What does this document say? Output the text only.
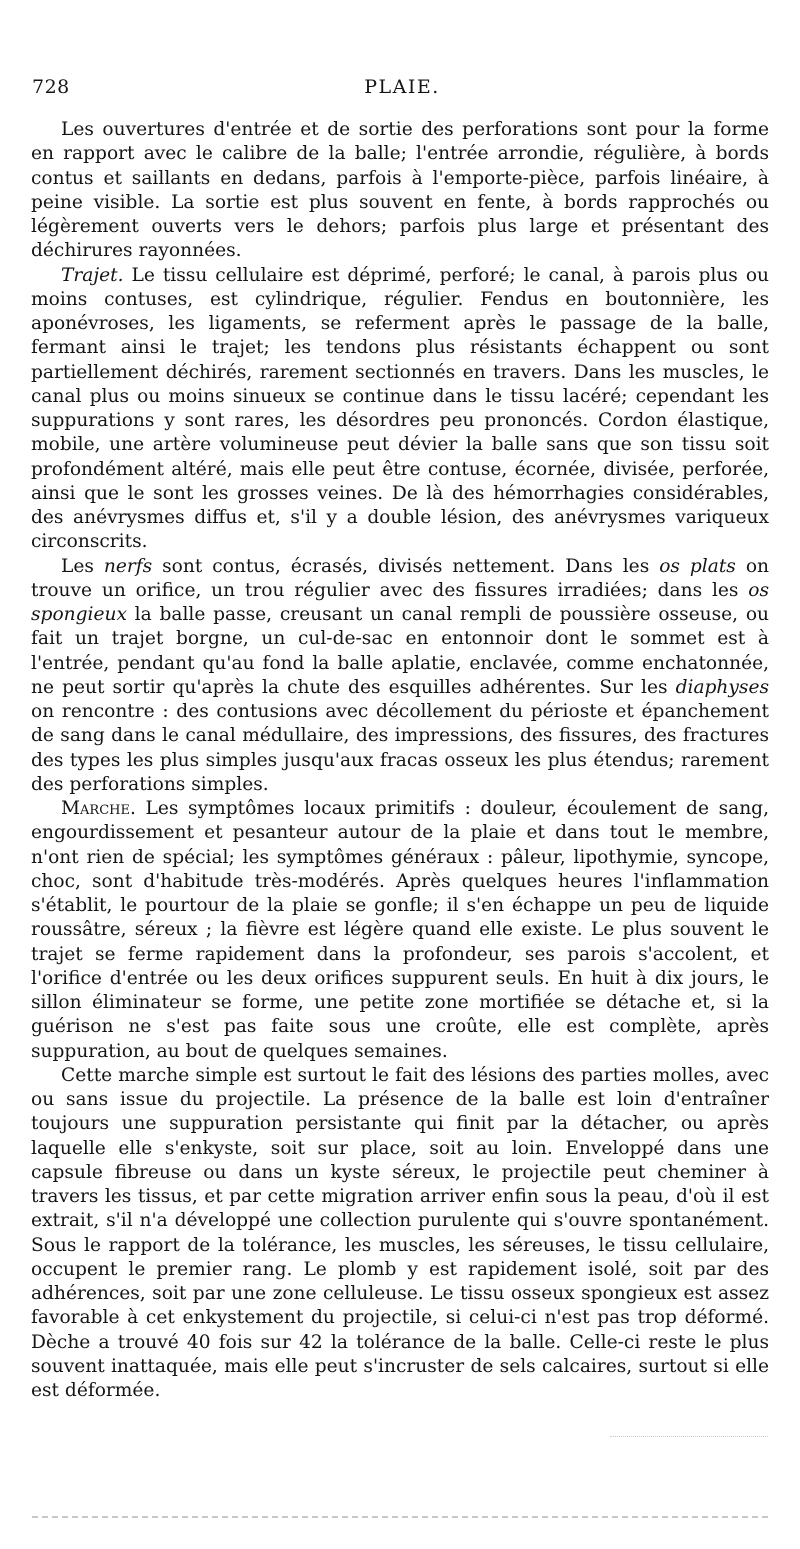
728	PLAIE.

Les ouvertures d'entrée et de sortie des perforations sont pour la forme en rapport avec le calibre de la balle; l'entrée arrondie, régulière, à bords contus et saillants en dedans, parfois à l'emporte-pièce, parfois linéaire, à peine visible. La sortie est plus souvent en fente, à bords rapprochés ou légèrement ouverts vers le dehors; parfois plus large et présentant des déchirures rayonnées.

Trajet. Le tissu cellulaire est déprimé, perforé; le canal, à parois plus ou moins contuses, est cylindrique, régulier. Fendus en boutonnière, les aponévroses, les ligaments, se referment après le passage de la balle, fermant ainsi le trajet; les tendons plus résistants échappent ou sont partiellement déchirés, rarement sectionnés en travers. Dans les muscles, le canal plus ou moins sinueux se continue dans le tissu lacéré; cependant les suppurations y sont rares, les désordres peu prononcés. Cordon élastique, mobile, une artère volumineuse peut dévier la balle sans que son tissu soit profondément altéré, mais elle peut être contuse, écornée, divisée, perforée, ainsi que le sont les grosses veines. De là des hémorrhagies considérables, des anévrysmes diffus et, s'il y a double lésion, des anévrysmes variqueux circonscrits.

Les nerfs sont contus, écrasés, divisés nettement. Dans les os plats on trouve un orifice, un trou régulier avec des fissures irradiées; dans les os spongieux la balle passe, creusant un canal rempli de poussière osseuse, ou fait un trajet borgne, un cul-de-sac en entonnoir dont le sommet est à l'entrée, pendant qu'au fond la balle aplatie, enclavée, comme enchatonnée, ne peut sortir qu'après la chute des esquilles adhérentes. Sur les diaphyses on rencontre : des contusions avec décollement du périoste et épanchement de sang dans le canal médullaire, des impressions, des fissures, des fractures des types les plus simples jusqu'aux fracas osseux les plus étendus; rarement des perforations simples.

Marche. Les symptômes locaux primitifs : douleur, écoulement de sang, engourdissement et pesanteur autour de la plaie et dans tout le membre, n'ont rien de spécial; les symptômes généraux : pâleur, lipothymie, syncope, choc, sont d'habitude très-modérés. Après quelques heures l'inflammation s'établit, le pourtour de la plaie se gonfle; il s'en échappe un peu de liquide roussâtre, séreux ; la fièvre est légère quand elle existe. Le plus souvent le trajet se ferme rapidement dans la profondeur, ses parois s'accolent, et l'orifice d'entrée ou les deux orifices suppurent seuls. En huit à dix jours, le sillon éliminateur se forme, une petite zone mortifiée se détache et, si la guérison ne s'est pas faite sous une croûte, elle est complète, après suppuration, au bout de quelques semaines.

Cette marche simple est surtout le fait des lésions des parties molles, avec ou sans issue du projectile. La présence de la balle est loin d'entraîner toujours une suppuration persistante qui finit par la détacher, ou après laquelle elle s'enkyste, soit sur place, soit au loin. Enveloppé dans une capsule fibreuse ou dans un kyste séreux, le projectile peut cheminer à travers les tissus, et par cette migration arriver enfin sous la peau, d'où il est extrait, s'il n'a développé une collection purulente qui s'ouvre spontanément. Sous le rapport de la tolérance, les muscles, les séreuses, le tissu cellulaire, occupent le premier rang. Le plomb y est rapidement isolé, soit par des adhérences, soit par une zone celluleuse. Le tissu osseux spongieux est assez favorable à cet enkystement du projectile, si celui-ci n'est pas trop déformé. Dèche a trouvé 40 fois sur 42 la tolérance de la balle. Celle-ci reste le plus souvent inattaquée, mais elle peut s'incruster de sels calcaires, surtout si elle est déformée.
